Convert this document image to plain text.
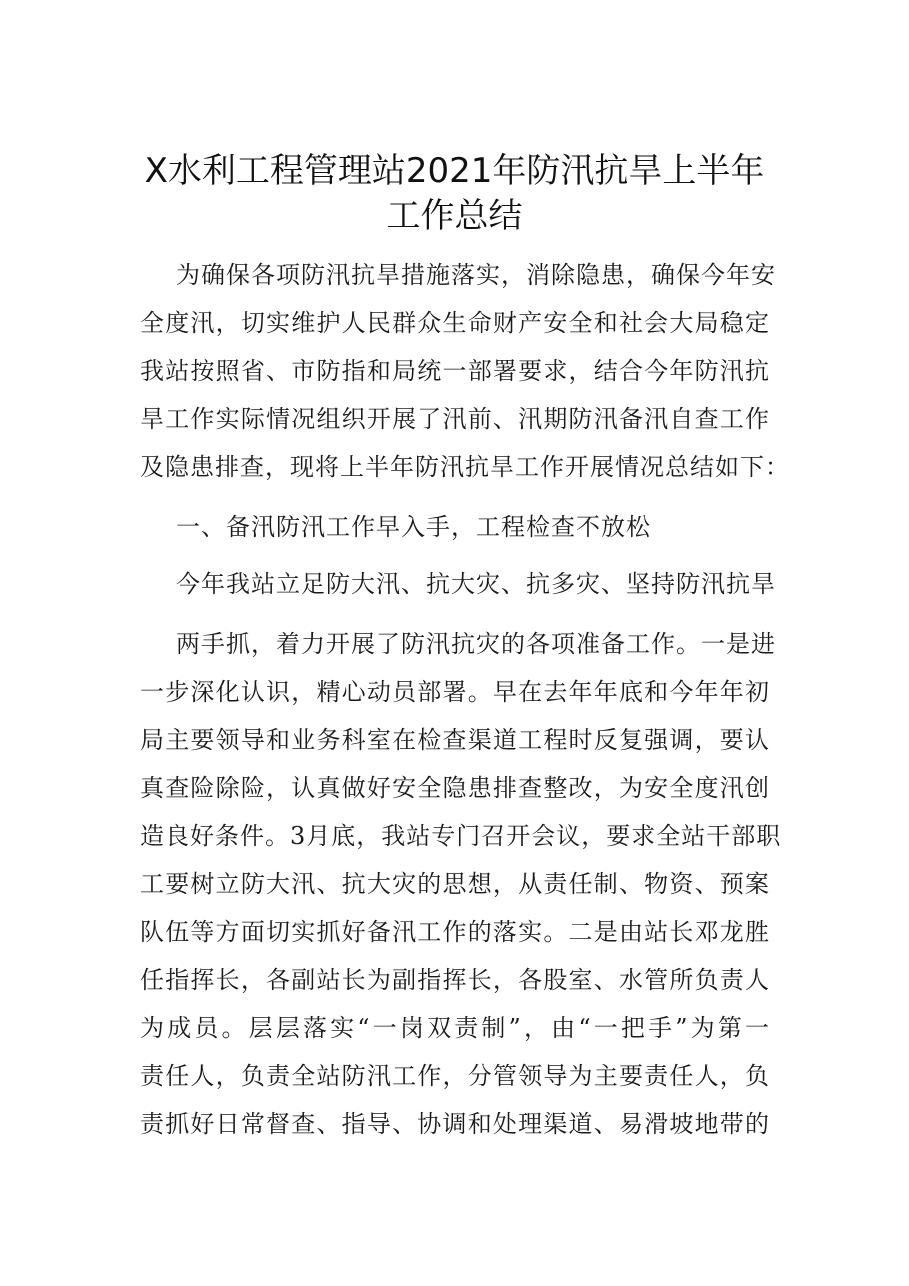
X水利工程管理站2021年防汛抗旱上半年
工作总结
为确保各项防汛抗旱措施落实，消除隐患，确保今年安
全度汛，切实维护人民群众生命财产安全和社会大局稳定
我站按照省、市防指和局统一部署要求，结合今年防汛抗
旱工作实际情况组织开展了汛前、汛期防汛备汛自查工作
及隐患排查，现将上半年防汛抗旱工作开展情况总结如下：
一、备汛防汛工作早入手，工程检查不放松
今年我站立足防大汛、抗大灾、抗多灾、坚持防汛抗旱
两手抓，着力开展了防汛抗灾的各项准备工作。一是进
一步深化认识，精心动员部署。早在去年年底和今年年初
局主要领导和业务科室在检查渠道工程时反复强调，要认
真查险除险，认真做好安全隐患排查整改，为安全度汛创
造良好条件。3月底，我站专门召开会议，要求全站干部职
工要树立防大汛、抗大灾的思想，从责任制、物资、预案
队伍等方面切实抓好备汛工作的落实。二是由站长邓龙胜
任指挥长，各副站长为副指挥长，各股室、水管所负责人
为成员。层层落实“一岗双责制”，由“一把手”为第一
责任人，负责全站防汛工作，分管领导为主要责任人，负
责抓好日常督查、指导、协调和处理渠道、易滑坡地带的
